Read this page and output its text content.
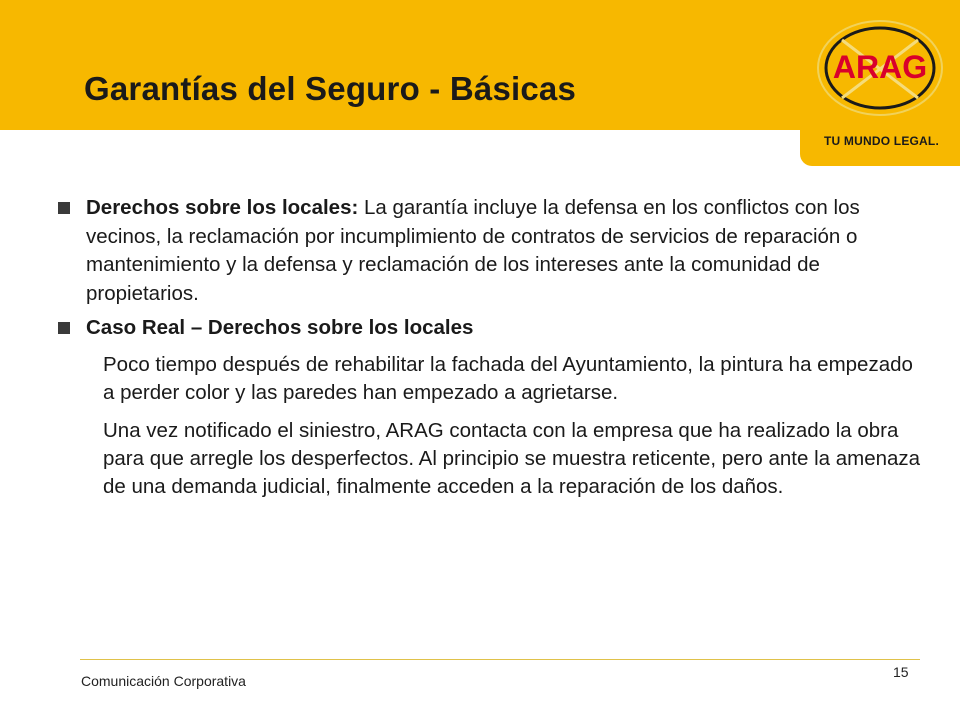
Garantías del Seguro - Básicas
ARAG
TU MUNDO LEGAL.
Derechos sobre los locales: La garantía incluye la defensa en los conflictos con los vecinos, la reclamación por incumplimiento de contratos de servicios de reparación o mantenimiento y la defensa y reclamación de los intereses ante la comunidad de propietarios.
Caso Real – Derechos sobre los locales
Poco tiempo después de rehabilitar la fachada del Ayuntamiento, la pintura ha empezado a perder color y las paredes han empezado a agrietarse.
Una vez notificado el siniestro, ARAG contacta con la empresa que ha realizado la obra para que arregle los desperfectos. Al principio se muestra reticente, pero ante la amenaza de una demanda judicial, finalmente acceden a la reparación de los daños.
Comunicación Corporativa
15
